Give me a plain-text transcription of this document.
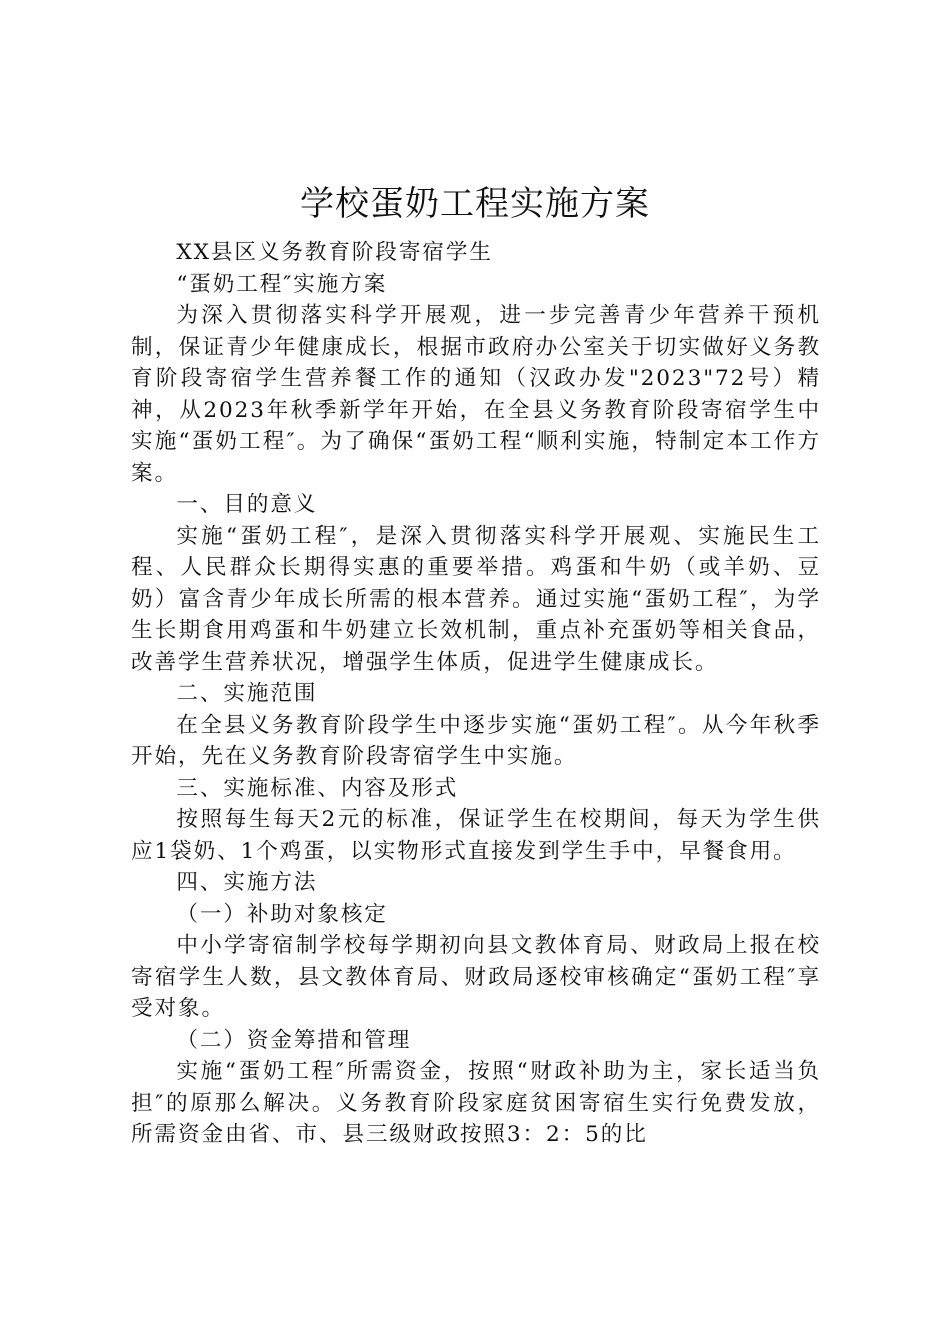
学校蛋奶工程实施方案

XX县区义务教育阶段寄宿学生

“蛋奶工程″实施方案

为深入贯彻落实科学开展观，进一步完善青少年营养干预机制，保证青少年健康成长，根据市政府办公室关于切实做好义务教育阶段寄宿学生营养餐工作的通知（汉政办发"2023"72号）精神，从2023年秋季新学年开始，在全县义务教育阶段寄宿学生中实施“蛋奶工程″。为了确保“蛋奶工程“顺利实施，特制定本工作方案。

一、目的意义

实施“蛋奶工程″，是深入贯彻落实科学开展观、实施民生工程、人民群众长期得实惠的重要举措。鸡蛋和牛奶（或羊奶、豆奶）富含青少年成长所需的根本营养。通过实施“蛋奶工程″，为学生长期食用鸡蛋和牛奶建立长效机制，重点补充蛋奶等相关食品，改善学生营养状况，增强学生体质，促进学生健康成长。

二、实施范围

在全县义务教育阶段学生中逐步实施“蛋奶工程″。从今年秋季开始，先在义务教育阶段寄宿学生中实施。

三、实施标准、内容及形式

按照每生每天2元的标准，保证学生在校期间，每天为学生供应1袋奶、1个鸡蛋，以实物形式直接发到学生手中，早餐食用。

四、实施方法

（一）补助对象核定

中小学寄宿制学校每学期初向县文教体育局、财政局上报在校寄宿学生人数，县文教体育局、财政局逐校审核确定“蛋奶工程″享受对象。

（二）资金筹措和管理

实施“蛋奶工程″所需资金，按照“财政补助为主，家长适当负担″的原那么解决。义务教育阶段家庭贫困寄宿生实行免费发放，所需资金由省、市、县三级财政按照3：2：5的比
